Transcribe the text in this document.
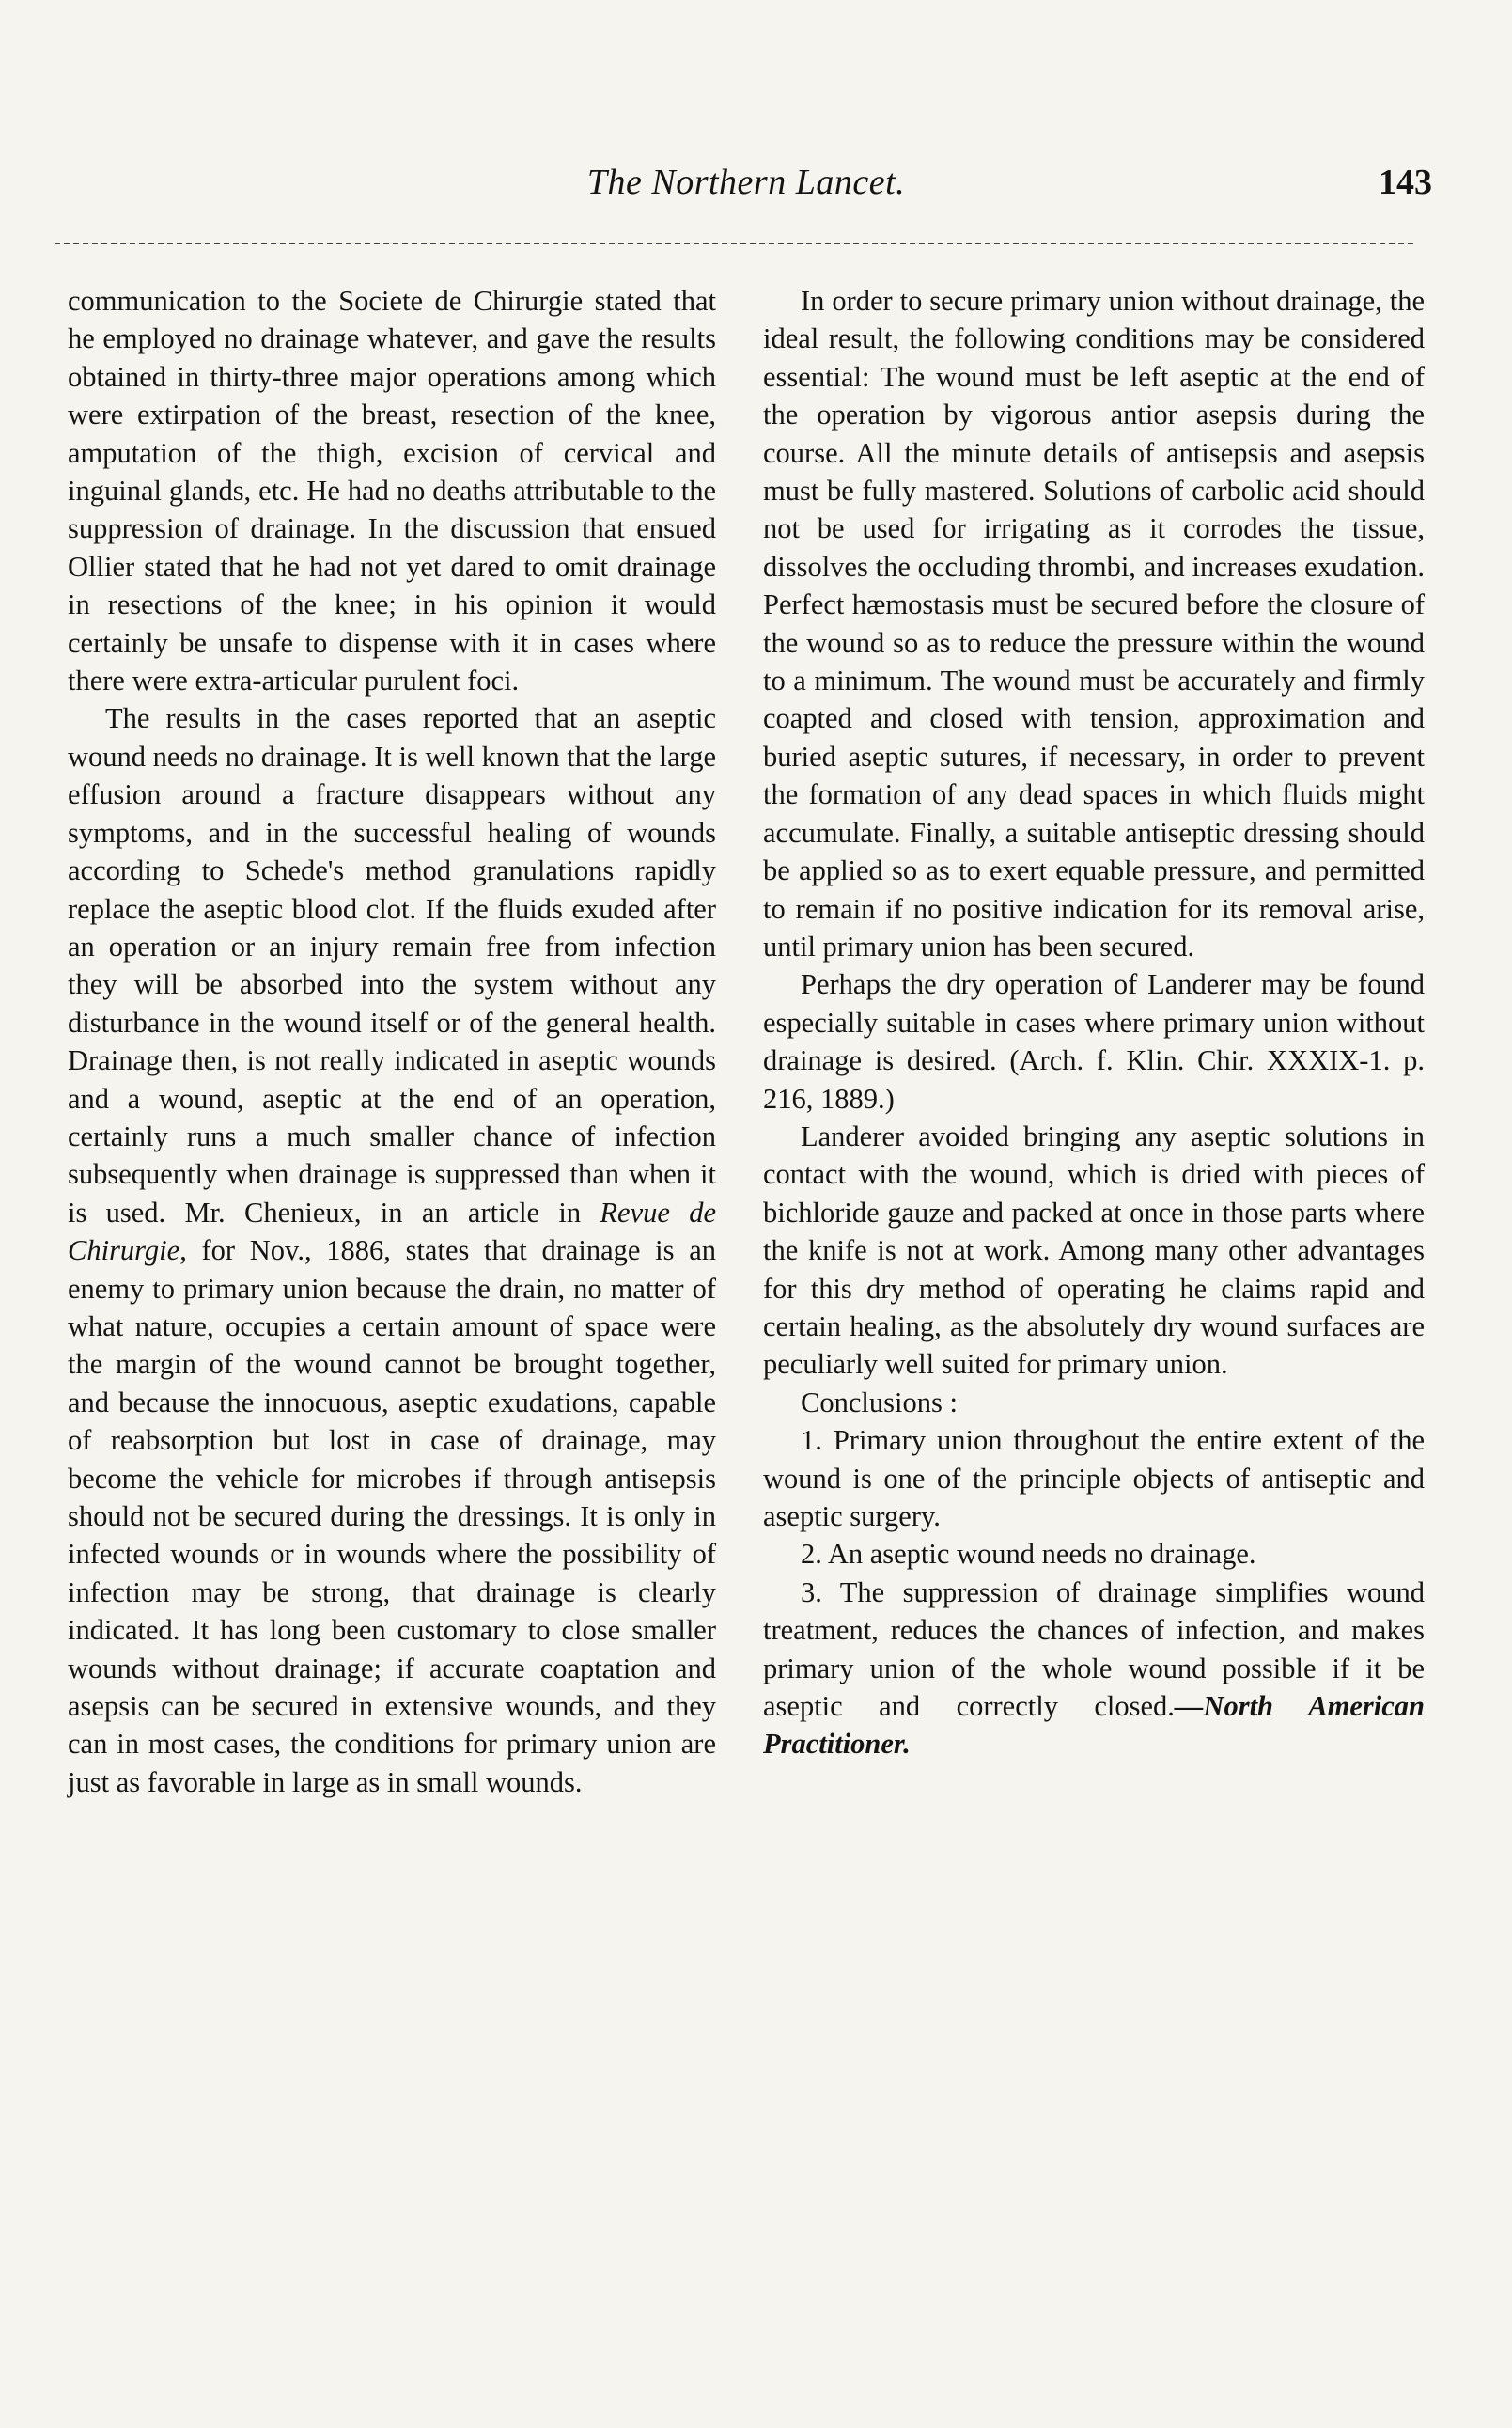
The Northern Lancet.	143

communication to the Societe de Chirurgie stated that he employed no drainage whatever, and gave the results obtained in thirty-three major operations among which were extirpation of the breast, resection of the knee, amputation of the thigh, excision of cervical and inguinal glands, etc. He had no deaths attributable to the suppression of drainage. In the discussion that ensued Ollier stated that he had not yet dared to omit drainage in resections of the knee; in his opinion it would certainly be unsafe to dispense with it in cases where there were extra-articular purulent foci.

The results in the cases reported that an aseptic wound needs no drainage. It is well known that the large effusion around a fracture disappears without any symptoms, and in the successful healing of wounds according to Schede's method granulations rapidly replace the aseptic blood clot. If the fluids exuded after an operation or an injury remain free from infection they will be absorbed into the system without any disturbance in the wound itself or of the general health. Drainage then, is not really indicated in aseptic wounds and a wound, aseptic at the end of an operation, certainly runs a much smaller chance of infection subsequently when drainage is suppressed than when it is used. Mr. Chenieux, in an article in Revue de Chirurgie, for Nov., 1886, states that drainage is an enemy to primary union because the drain, no matter of what nature, occupies a certain amount of space were the margin of the wound cannot be brought together, and because the innocuous, aseptic exudations, capable of reabsorption but lost in case of drainage, may become the vehicle for microbes if through antisepsis should not be secured during the dressings. It is only in infected wounds or in wounds where the possibility of infection may be strong, that drainage is clearly indicated. It has long been customary to close smaller wounds without drainage; if accurate coaptation and asepsis can be secured in extensive wounds, and they can in most cases, the conditions for primary union are just as favorable in large as in small wounds.

In order to secure primary union without drainage, the ideal result, the following conditions may be considered essential: The wound must be left aseptic at the end of the operation by vigorous antior asepsis during the course. All the minute details of antisepsis and asepsis must be fully mastered. Solutions of carbolic acid should not be used for irrigating as it corrodes the tissue, dissolves the occluding thrombi, and increases exudation. Perfect hæmostasis must be secured before the closure of the wound so as to reduce the pressure within the wound to a minimum. The wound must be accurately and firmly coapted and closed with tension, approximation and buried aseptic sutures, if necessary, in order to prevent the formation of any dead spaces in which fluids might accumulate. Finally, a suitable antiseptic dressing should be applied so as to exert equable pressure, and permitted to remain if no positive indication for its removal arise, until primary union has been secured.

Perhaps the dry operation of Landerer may be found especially suitable in cases where primary union without drainage is desired. (Arch. f. Klin. Chir. XXXIX-1. p. 216, 1889.)

Landerer avoided bringing any aseptic solutions in contact with the wound, which is dried with pieces of bichloride gauze and packed at once in those parts where the knife is not at work. Among many other advantages for this dry method of operating he claims rapid and certain healing, as the absolutely dry wound surfaces are peculiarly well suited for primary union.

Conclusions :

1. Primary union throughout the entire extent of the wound is one of the principle objects of antiseptic and aseptic surgery.

2. An aseptic wound needs no drainage.

3. The suppression of drainage simplifies wound treatment, reduces the chances of infection, and makes primary union of the whole wound possible if it be aseptic and correctly closed.—North American Practitioner.
